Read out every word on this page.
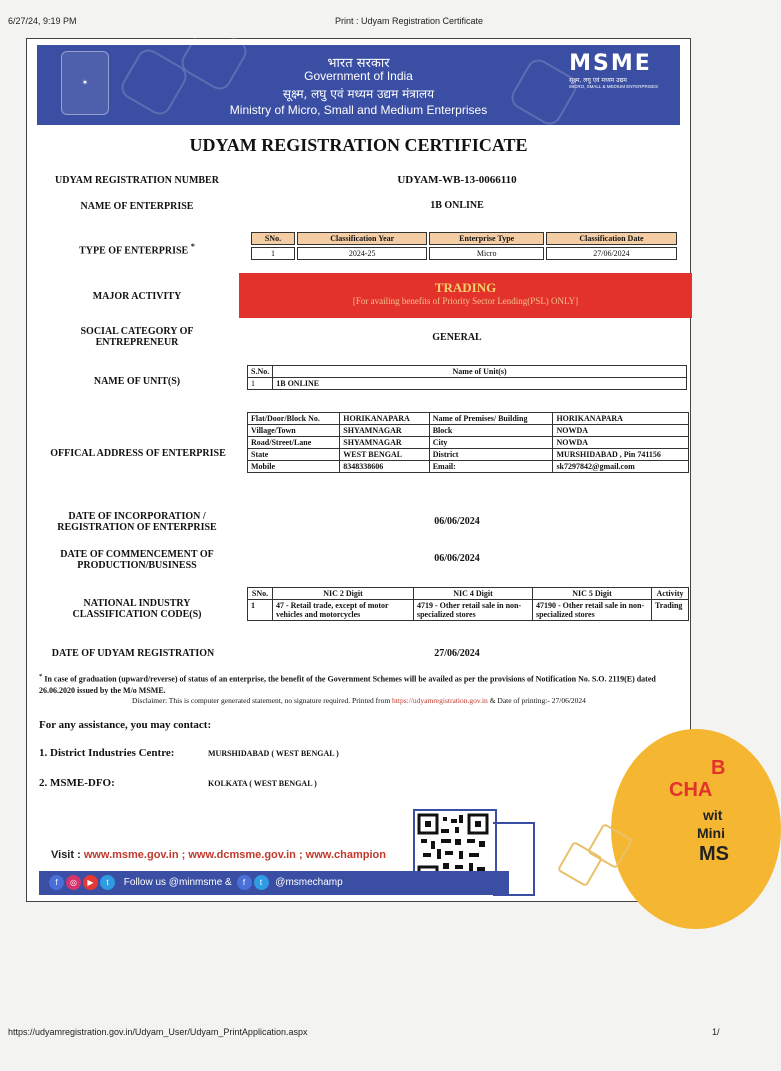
6/27/24, 9:19 PM	Print : Udyam Registration Certificate
✶
भारत सरकार
Government of India
सूक्ष्म, लघु एवं मध्यम उद्यम मंत्रालय
Ministry of Micro, Small and Medium Enterprises
MSME
सूक्ष्म, लघु एवं मध्यम उद्यम
MICRO, SMALL & MEDIUM ENTERPRISES
UDYAM REGISTRATION CERTIFICATE
UDYAM REGISTRATION NUMBER	UDYAM-WB-13-0066110
NAME OF ENTERPRISE	1B ONLINE
TYPE OF ENTERPRISE *
SNo.	Classification Year	Enterprise Type	Classification Date
1	2024-25	Micro	27/06/2024
MAJOR ACTIVITY
TRADING
[For availing benefits of Priority Sector Lending(PSL) ONLY]
SOCIAL CATEGORY OF ENTREPRENEUR	GENERAL
NAME OF UNIT(S)
S.No.	Name of Unit(s)
1	1B ONLINE
OFFICAL ADDRESS OF ENTERPRISE
Flat/Door/Block No.	HORIKANAPARA	Name of Premises/ Building	HORIKANAPARA
Village/Town	SHYAMNAGAR	Block	NOWDA
Road/Street/Lane	SHYAMNAGAR	City	NOWDA
State	WEST BENGAL	District	MURSHIDABAD , Pin 741156
Mobile	8348338606	Email:	sk7297842@gmail.com
DATE OF INCORPORATION / REGISTRATION OF ENTERPRISE
06/06/2024
DATE OF COMMENCEMENT OF PRODUCTION/BUSINESS
06/06/2024
NATIONAL INDUSTRY CLASSIFICATION CODE(S)
SNo.	NIC 2 Digit	NIC 4 Digit	NIC 5 Digit	Activity
1	47 - Retail trade, except of motor vehicles and motorcycles	4719 - Other retail sale in non-specialized stores	47190 - Other retail sale in non-specialized stores	Trading
DATE OF UDYAM REGISTRATION	27/06/2024
* In case of graduation (upward/reverse) of status of an enterprise, the benefit of the Government Schemes will be availed as per the provisions of Notification No. S.O. 2119(E) dated 26.06.2020 issued by the M/o MSME.
Disclaimer: This is computer generated statement, no signature required. Printed from https://udyamregistration.gov.in & Date of printing:- 27/06/2024
For any assistance, you may contact:
1. District Industries Centre:	MURSHIDABAD ( WEST BENGAL )
2. MSME-DFO:	KOLKATA ( WEST BENGAL )
B
CHA
wit
Mini
MS
Visit : www.msme.gov.in ; www.dcmsme.gov.in ; www.champion
f ◎ ▶ t Follow us @minmsme & f t @msmechamp
https://udyamregistration.gov.in/Udyam_User/Udyam_PrintApplication.aspx	1/
